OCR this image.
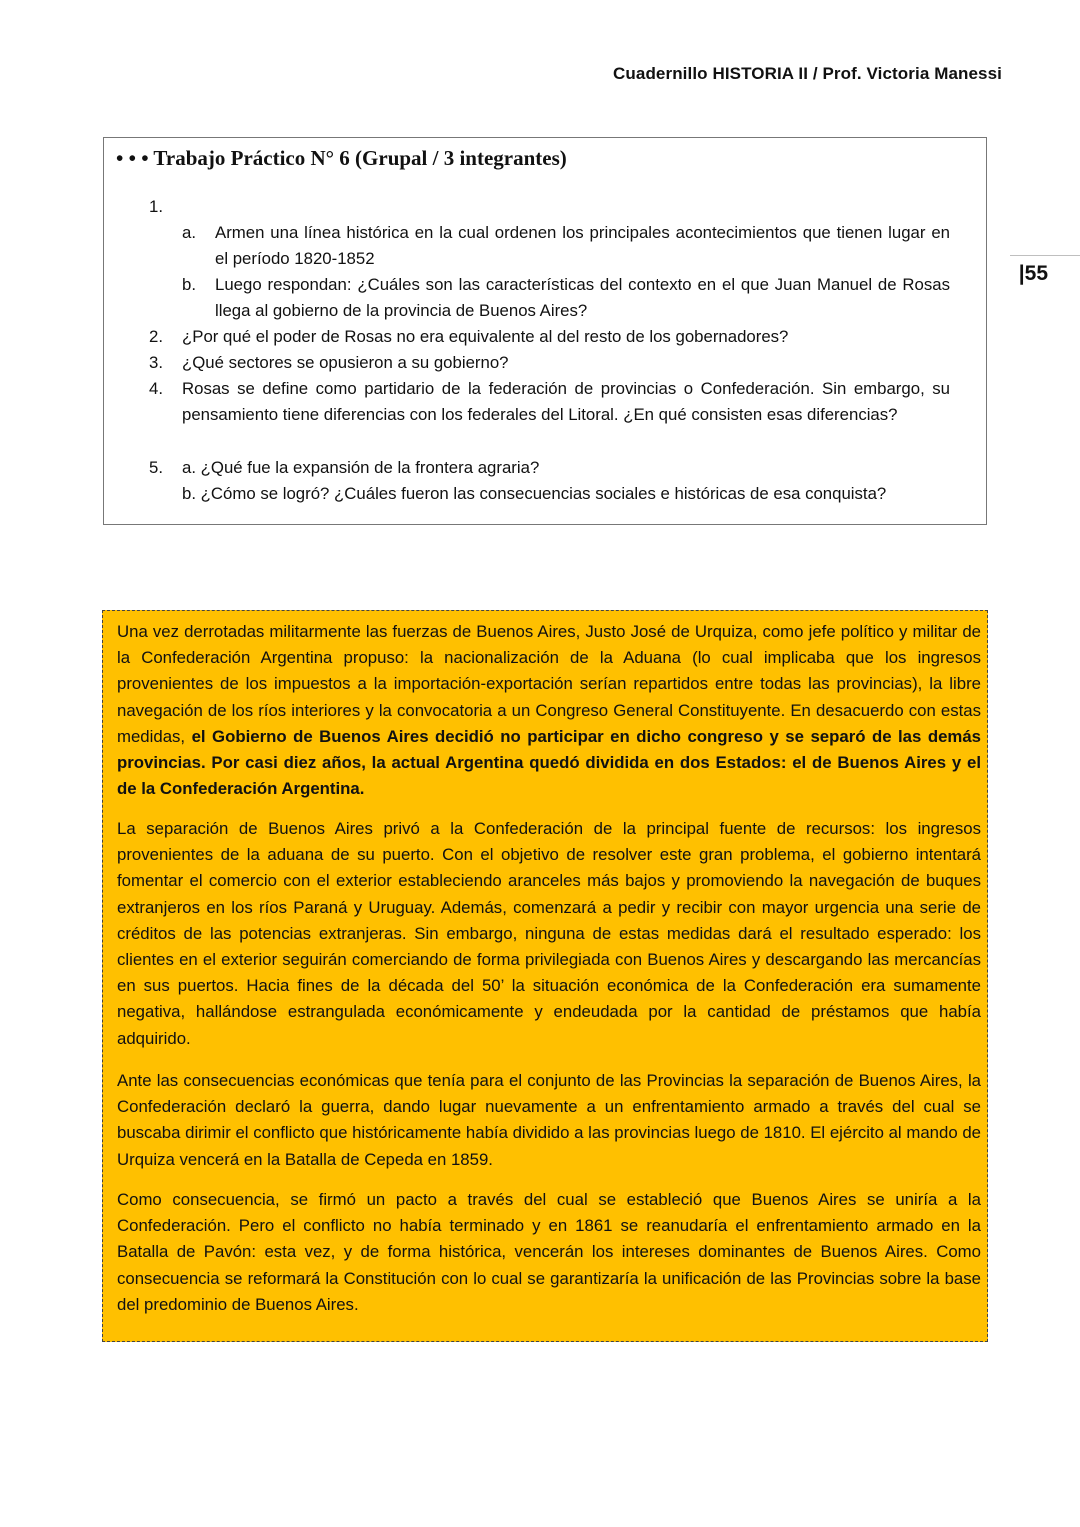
Cuadernillo HISTORIA II / Prof. Victoria Manessi
|55
• • • Trabajo Práctico N° 6 (Grupal / 3 integrantes)
1.
a. Armen una línea histórica en la cual ordenen los principales acontecimientos que tienen lugar en el período 1820-1852
b. Luego respondan: ¿Cuáles son las características del contexto en el que Juan Manuel de Rosas llega al gobierno de la provincia de Buenos Aires?
2. ¿Por qué el poder de Rosas no era equivalente al del resto de los gobernadores?
3. ¿Qué sectores se opusieron a su gobierno?
4. Rosas se define como partidario de la federación de provincias o Confederación. Sin embargo, su pensamiento tiene diferencias con los federales del Litoral. ¿En qué consisten esas diferencias?
5. a. ¿Qué fue la expansión de la frontera agraria?
b. ¿Cómo se logró? ¿Cuáles fueron las consecuencias sociales e históricas de esa conquista?
Una vez derrotadas militarmente las fuerzas de Buenos Aires, Justo José de Urquiza, como jefe político y militar de la Confederación Argentina propuso: la nacionalización de la Aduana (lo cual implicaba que los ingresos provenientes de los impuestos a la importación-exportación serían repartidos entre todas las provincias), la libre navegación de los ríos interiores y la convocatoria a un Congreso General Constituyente. En desacuerdo con estas medidas, el Gobierno de Buenos Aires decidió no participar en dicho congreso y se separó de las demás provincias. Por casi diez años, la actual Argentina quedó dividida en dos Estados: el de Buenos Aires y el de la Confederación Argentina.
La separación de Buenos Aires privó a la Confederación de la principal fuente de recursos: los ingresos provenientes de la aduana de su puerto. Con el objetivo de resolver este gran problema, el gobierno intentará fomentar el comercio con el exterior estableciendo aranceles más bajos y promoviendo la navegación de buques extranjeros en los ríos Paraná y Uruguay. Además, comenzará a pedir y recibir con mayor urgencia una serie de créditos de las potencias extranjeras. Sin embargo, ninguna de estas medidas dará el resultado esperado: los clientes en el exterior seguirán comerciando de forma privilegiada con Buenos Aires y descargando las mercancías en sus puertos. Hacia fines de la década del 50’ la situación económica de la Confederación era sumamente negativa, hallándose estrangulada económicamente y endeudada por la cantidad de préstamos que había adquirido.
Ante las consecuencias económicas que tenía para el conjunto de las Provincias la separación de Buenos Aires, la Confederación declaró la guerra, dando lugar nuevamente a un enfrentamiento armado a través del cual se buscaba dirimir el conflicto que históricamente había dividido a las provincias luego de 1810. El ejército al mando de Urquiza vencerá en la Batalla de Cepeda en 1859.
Como consecuencia, se firmó un pacto a través del cual se estableció que Buenos Aires se uniría a la Confederación. Pero el conflicto no había terminado y en 1861 se reanudaría el enfrentamiento armado en la Batalla de Pavón: esta vez, y de forma histórica, vencerán los intereses dominantes de Buenos Aires. Como consecuencia se reformará la Constitución con lo cual se garantizaría la unificación de las Provincias sobre la base del predominio de Buenos Aires.
